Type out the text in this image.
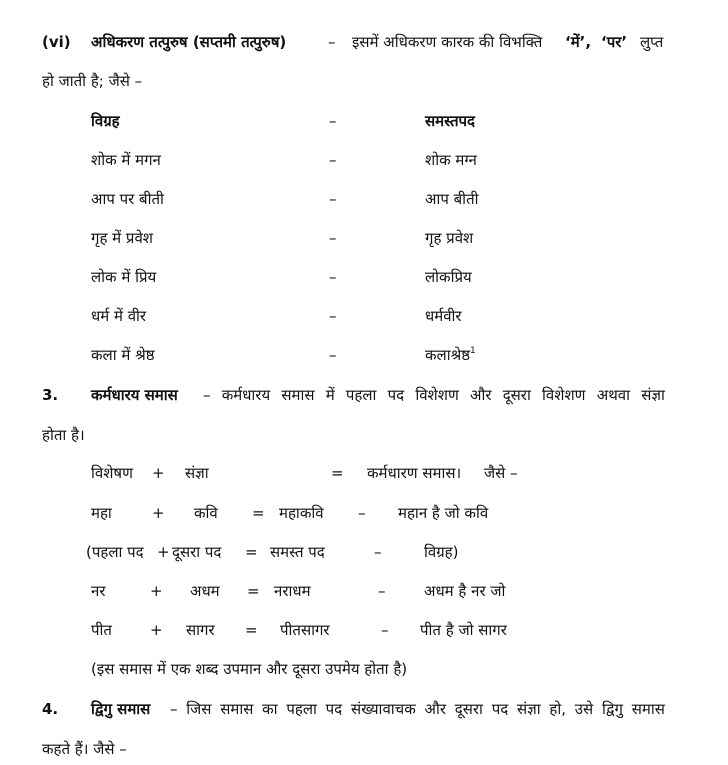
(vi) अधिकरण तत्पुरुष (सप्तमी तत्पुरुष)	– इसमें अधिकरण कारक की विभक्ति ‘में’, ‘पर’ लुप्त
हो जाती है; जैसे –
विग्रह	–	समस्तपद
शोक में मगन	–	शोक मग्न
आप पर बीती	–	आप बीती
गृह में प्रवेश	–	गृह प्रवेश
लोक में प्रिय	–	लोकप्रिय
धर्म में वीर	–	धर्मवीर
कला में श्रेष्ठ	–	कलाश्रेष्ठ$^1$
3. कर्मधारय समास – कर्मधारय समास में पहला पद विशेशण और दूसरा विशेशण अथवा संज्ञा
होता है।
विशेषण + संज्ञा	= कर्मधारण समास। जैसे –
महा	+ कवि = महाकवि – महान है जो कवि
(पहला पद + दूसरा पद = समस्त पद	–	विग्रह)
नर	+ अधम = नराधम	–	अधम है नर जो
पीत	+ सागर = पीतसागर	– पीत है जो सागर
(इस समास में एक शब्द उपमान और दूसरा उपमेय होता है)
4. द्विगु समास – जिस समास का पहला पद संख्यावाचक और दूसरा पद संज्ञा हो, उसे द्विगु समास
कहते हैं। जैसे –
